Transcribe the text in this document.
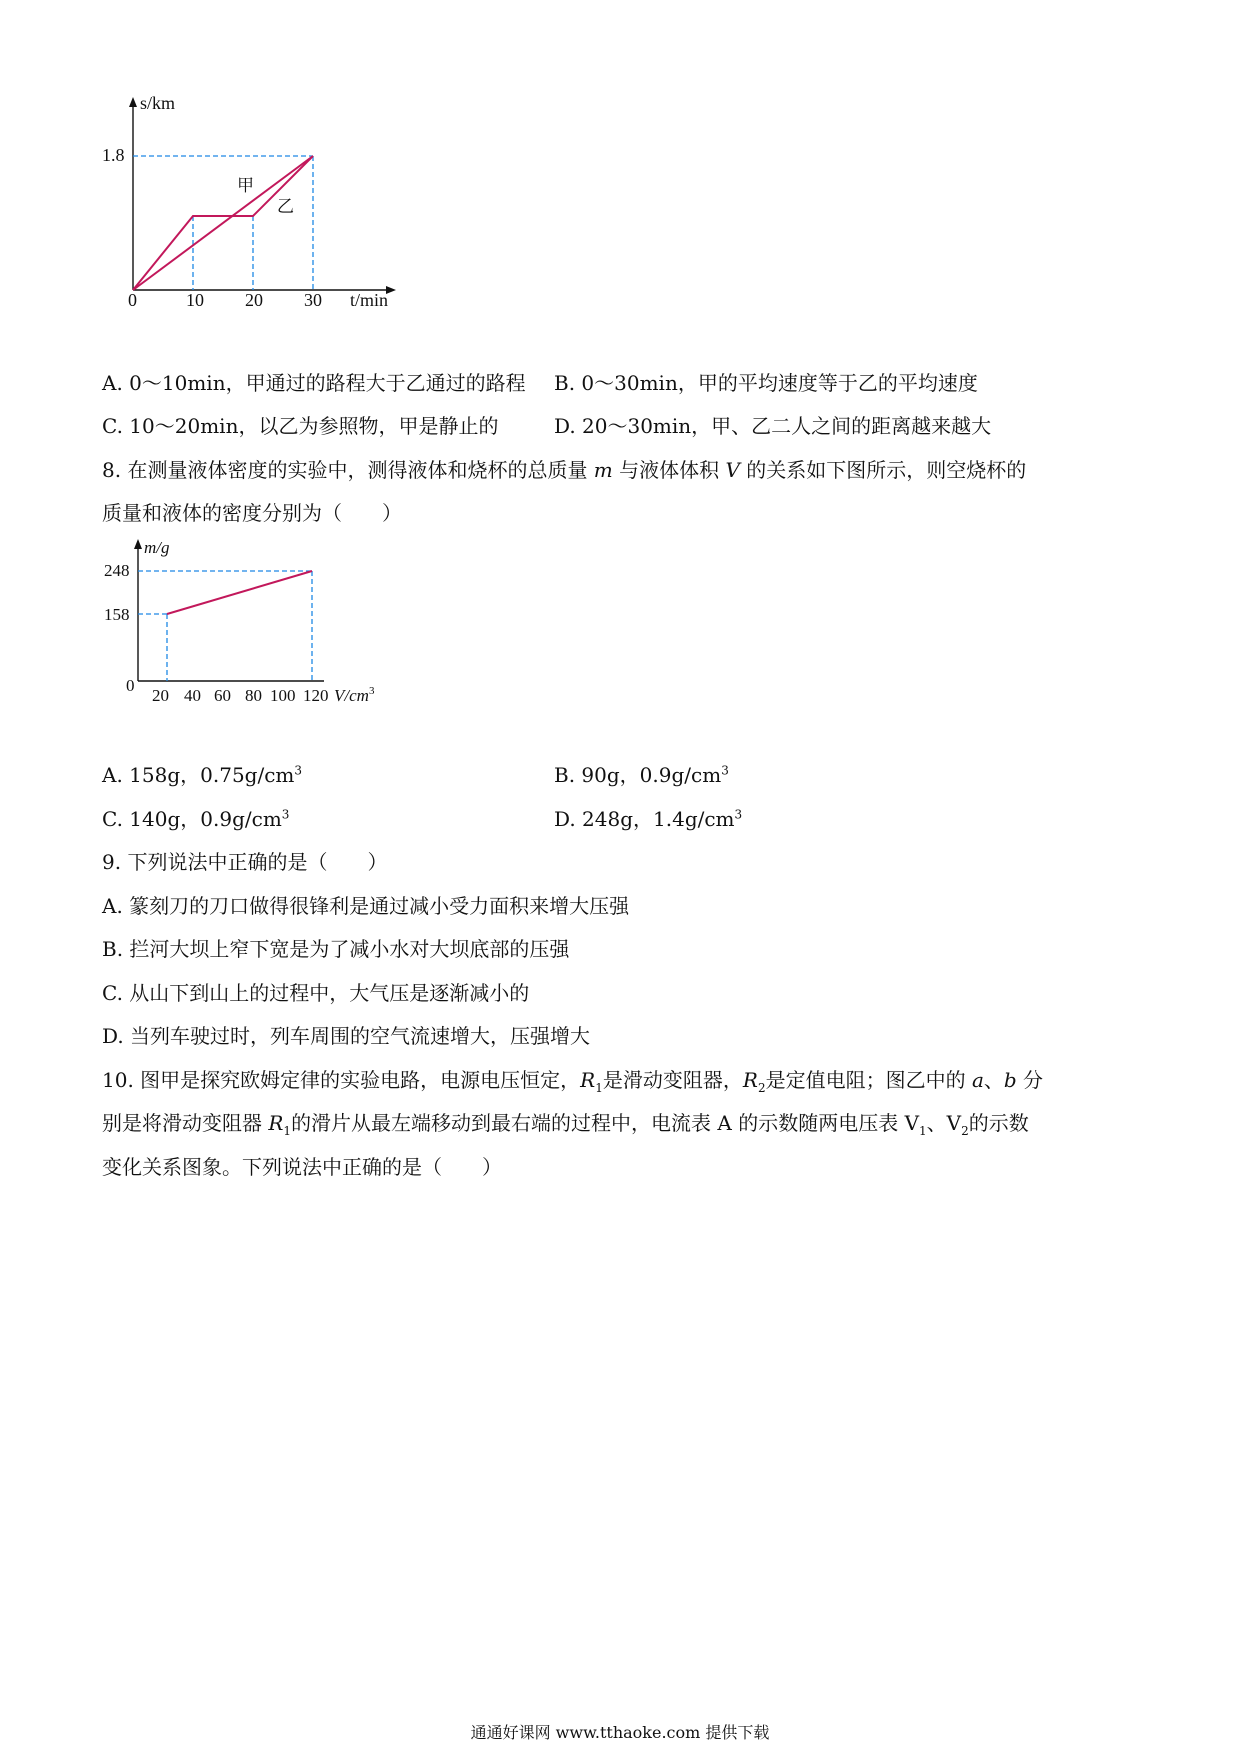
s/km
1.8
0	10 20 30 t/min
甲
乙
A. 0～10min，甲通过的路程大于乙通过的路程 B. 0～30min，甲的平均速度等于乙的平均速度
C. 10～20min，以乙为参照物，甲是静止的	D. 20～30min，甲、乙二人之间的距离越来越大
8. 在测量液体密度的实验中，测得液体和烧杯的总质量 m 与液体体积 V 的关系如下图所示，则空烧杯的
质量和液体的密度分别为（　　）
m/g
248
158
0
20 40 60 80 100 120 $V/cm^3$
A. 158g，$0.75g/cm^3$	B. 90g，$0.9g/cm^3$
C. 140g，$0.9g/cm^3$	D. 248g，$1.4g/cm^3$
9. 下列说法中正确的是（　　）
A. 篆刻刀的刀口做得很锋利是通过减小受力面积来增大压强
B. 拦河大坝上窄下宽是为了减小水对大坝底部的压强
C. 从山下到山上的过程中，大气压是逐渐减小的
D. 当列车驶过时，列车周围的空气流速增大，压强增大
10. 图甲是探究欧姆定律的实验电路，电源电压恒定，$R_1$是滑动变阻器，$R_2$是定值电阻；图乙中的 a、b 分
别是将滑动变阻器 $R_1$的滑片从最左端移动到最右端的过程中，电流表 A 的示数随两电压表 $V_1$、$V_2$的示数
变化关系图象。下列说法中正确的是（　　）
通通好课网 www.tthaoke.com 提供下载
